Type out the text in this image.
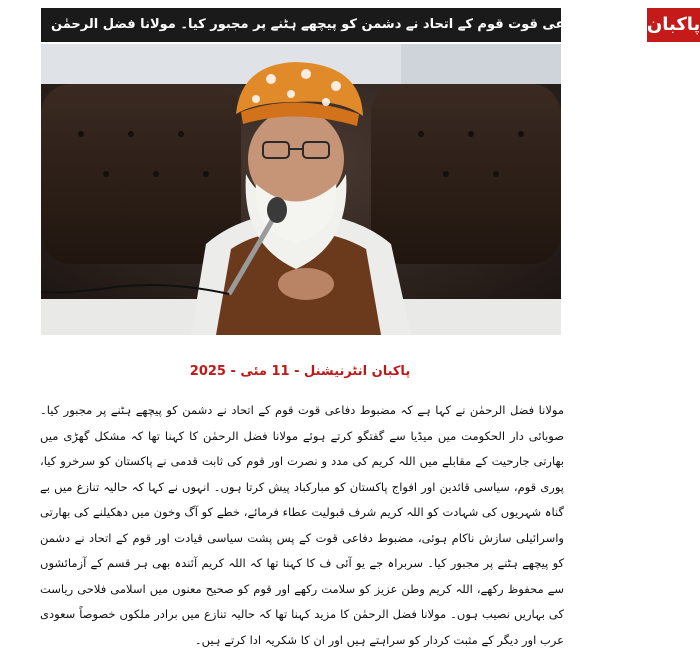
مضبوط دفاعی قوت قوم کے اتحاد نے دشمن کو پیچھے ہٹنے پر مجبور کیا۔ مولانا فضل الرحمٰن پاکبان
پاکبان انٹرنیشنل - 11 مئی - 2025
مولانا فضل الرحمٰن نے کہا ہے کہ مضبوط دفاعی قوت قوم کے اتحاد نے دشمن کو پیچھے ہٹنے پر مجبور کیا۔ صوبائی دار الحکومت میں میڈیا سے گفتگو کرتے ہوئے مولانا فضل الرحمٰن کا کہنا تھا کہ مشکل گھڑی میں بھارتی جارحیت کے مقابلے میں اللہ کریم کی مدد و نصرت اور قوم کی ثابت قدمی نے پاکستان کو سرخرو کیا، پوری قوم، سیاسی قائدین اور افواج پاکستان کو مبارکباد پیش کرتا ہوں۔ انہوں نے کہا کہ حالیہ تنازع میں بے گناہ شہریوں کی شہادت کو اللہ کریم شرف قبولیت عطاء فرمائے، خطے کو آگ وخون میں دھکیلنے کی بھارتی واسرائیلی سازش ناکام ہوئی، مضبوط دفاعی قوت کے پس پشت سیاسی قیادت اور قوم کے اتحاد نے دشمن کو پیچھے ہٹنے پر مجبور کیا۔ سربراہ جے یو آئی ف کا کہنا تھا کہ اللہ کریم آئندہ بھی ہر قسم کے آزمائشوں سے محفوظ رکھے، اللہ کریم وطن عزیز کو سلامت رکھے اور قوم کو صحیح معنوں میں اسلامی فلاحی ریاست کی بہاریں نصیب ہوں۔ مولانا فضل الرحمٰن کا مزید کہنا تھا کہ حالیہ تنازع میں برادر ملکوں خصوصاً سعودی عرب اور دیگر کے مثبت کردار کو سراہتے ہیں اور ان کا شکریہ ادا کرتے ہیں۔
